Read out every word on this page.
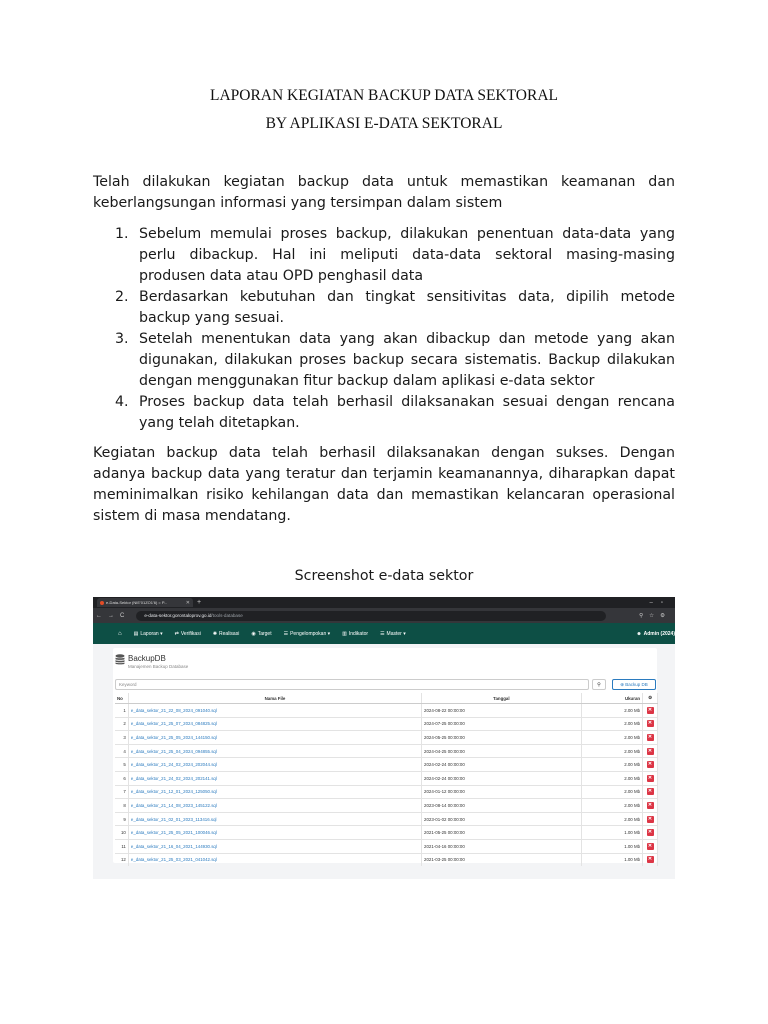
LAPORAN KEGIATAN BACKUP DATA SEKTORAL
BY APLIKASI E-DATA SEKTORAL
Telah dilakukan kegiatan backup data untuk memastikan keamanan dan keberlangsungan informasi yang tersimpan dalam sistem
1. Sebelum memulai proses backup, dilakukan penentuan data-data yang perlu dibackup. Hal ini meliputi data-data sektoral masing-masing produsen data atau OPD penghasil data
2. Berdasarkan kebutuhan dan tingkat sensitivitas data, dipilih metode backup yang sesuai.
3. Setelah menentukan data yang akan dibackup dan metode yang akan digunakan, dilakukan proses backup secara sistematis. Backup dilakukan dengan menggunakan fitur backup dalam aplikasi e-data sektor
4. Proses backup data telah berhasil dilaksanakan sesuai dengan rencana yang telah ditetapkan.
Kegiatan backup data telah berhasil dilaksanakan dengan sukses. Dengan adanya backup data yang teratur dan terjamin keamanannya, diharapkan dapat meminimalkan risiko kehilangan data dan memastikan kelancaran operasional sistem di masa mendatang.
Screenshot e-data sektor
e-Data-Sektor (NIE'01ZO1'6) = P...	✕ +	–▫
←→C	e-data-sektor.gorontaloprov.go.id /tools-database	⚲☆⚙
⌂ ▤ Laporan ▾ ⇄ Verifikasi ✺ Realisasi ◉ Target ☰ Pengelompokan ▾ ▥ Indikator ☰ Master ▾	☻ Admin (2024)
BackupDB
Manajemen Backup Database
Keyword	⚲	⊕ Backup DB
No	Nama File	Tanggal	Ukuran	⚙
1	e_data_sektor_21_22_08_2024_091040.sql	2024-08-22 00:00:00	2.00 Mb	✕
2	e_data_sektor_21_25_07_2024_084825.sql	2024-07-25 00:00:00	2.00 Mb	✕
3	e_data_sektor_21_25_05_2024_144150.sql	2024-05-25 00:00:00	2.00 Mb	✕
4	e_data_sektor_21_25_04_2024_094855.sql	2024-04-25 00:00:00	2.00 Mb	✕
5	e_data_sektor_21_24_02_2024_202044.sql	2024-02-24 00:00:00	2.00 Mb	✕
6	e_data_sektor_21_24_02_2024_202141.sql	2024-02-24 00:00:00	2.00 Mb	✕
7	e_data_sektor_21_12_01_2024_125050.sql	2024-01-12 00:00:00	2.00 Mb	✕
8	e_data_sektor_21_14_08_2023_145122.sql	2023-08-14 00:00:00	2.00 Mb	✕
9	e_data_sektor_21_02_01_2023_113416.sql	2023-01-02 00:00:00	2.00 Mb	✕
10	e_data_sektor_21_25_05_2021_100046.sql	2021-05-25 00:00:00	1.00 Mb	✕
11	e_data_sektor_21_16_04_2021_144930.sql	2021-04-16 00:00:00	1.00 Mb	✕
12	e_data_sektor_21_25_03_2021_041042.sql	2021-03-25 00:00:00	1.00 Mb	✕
